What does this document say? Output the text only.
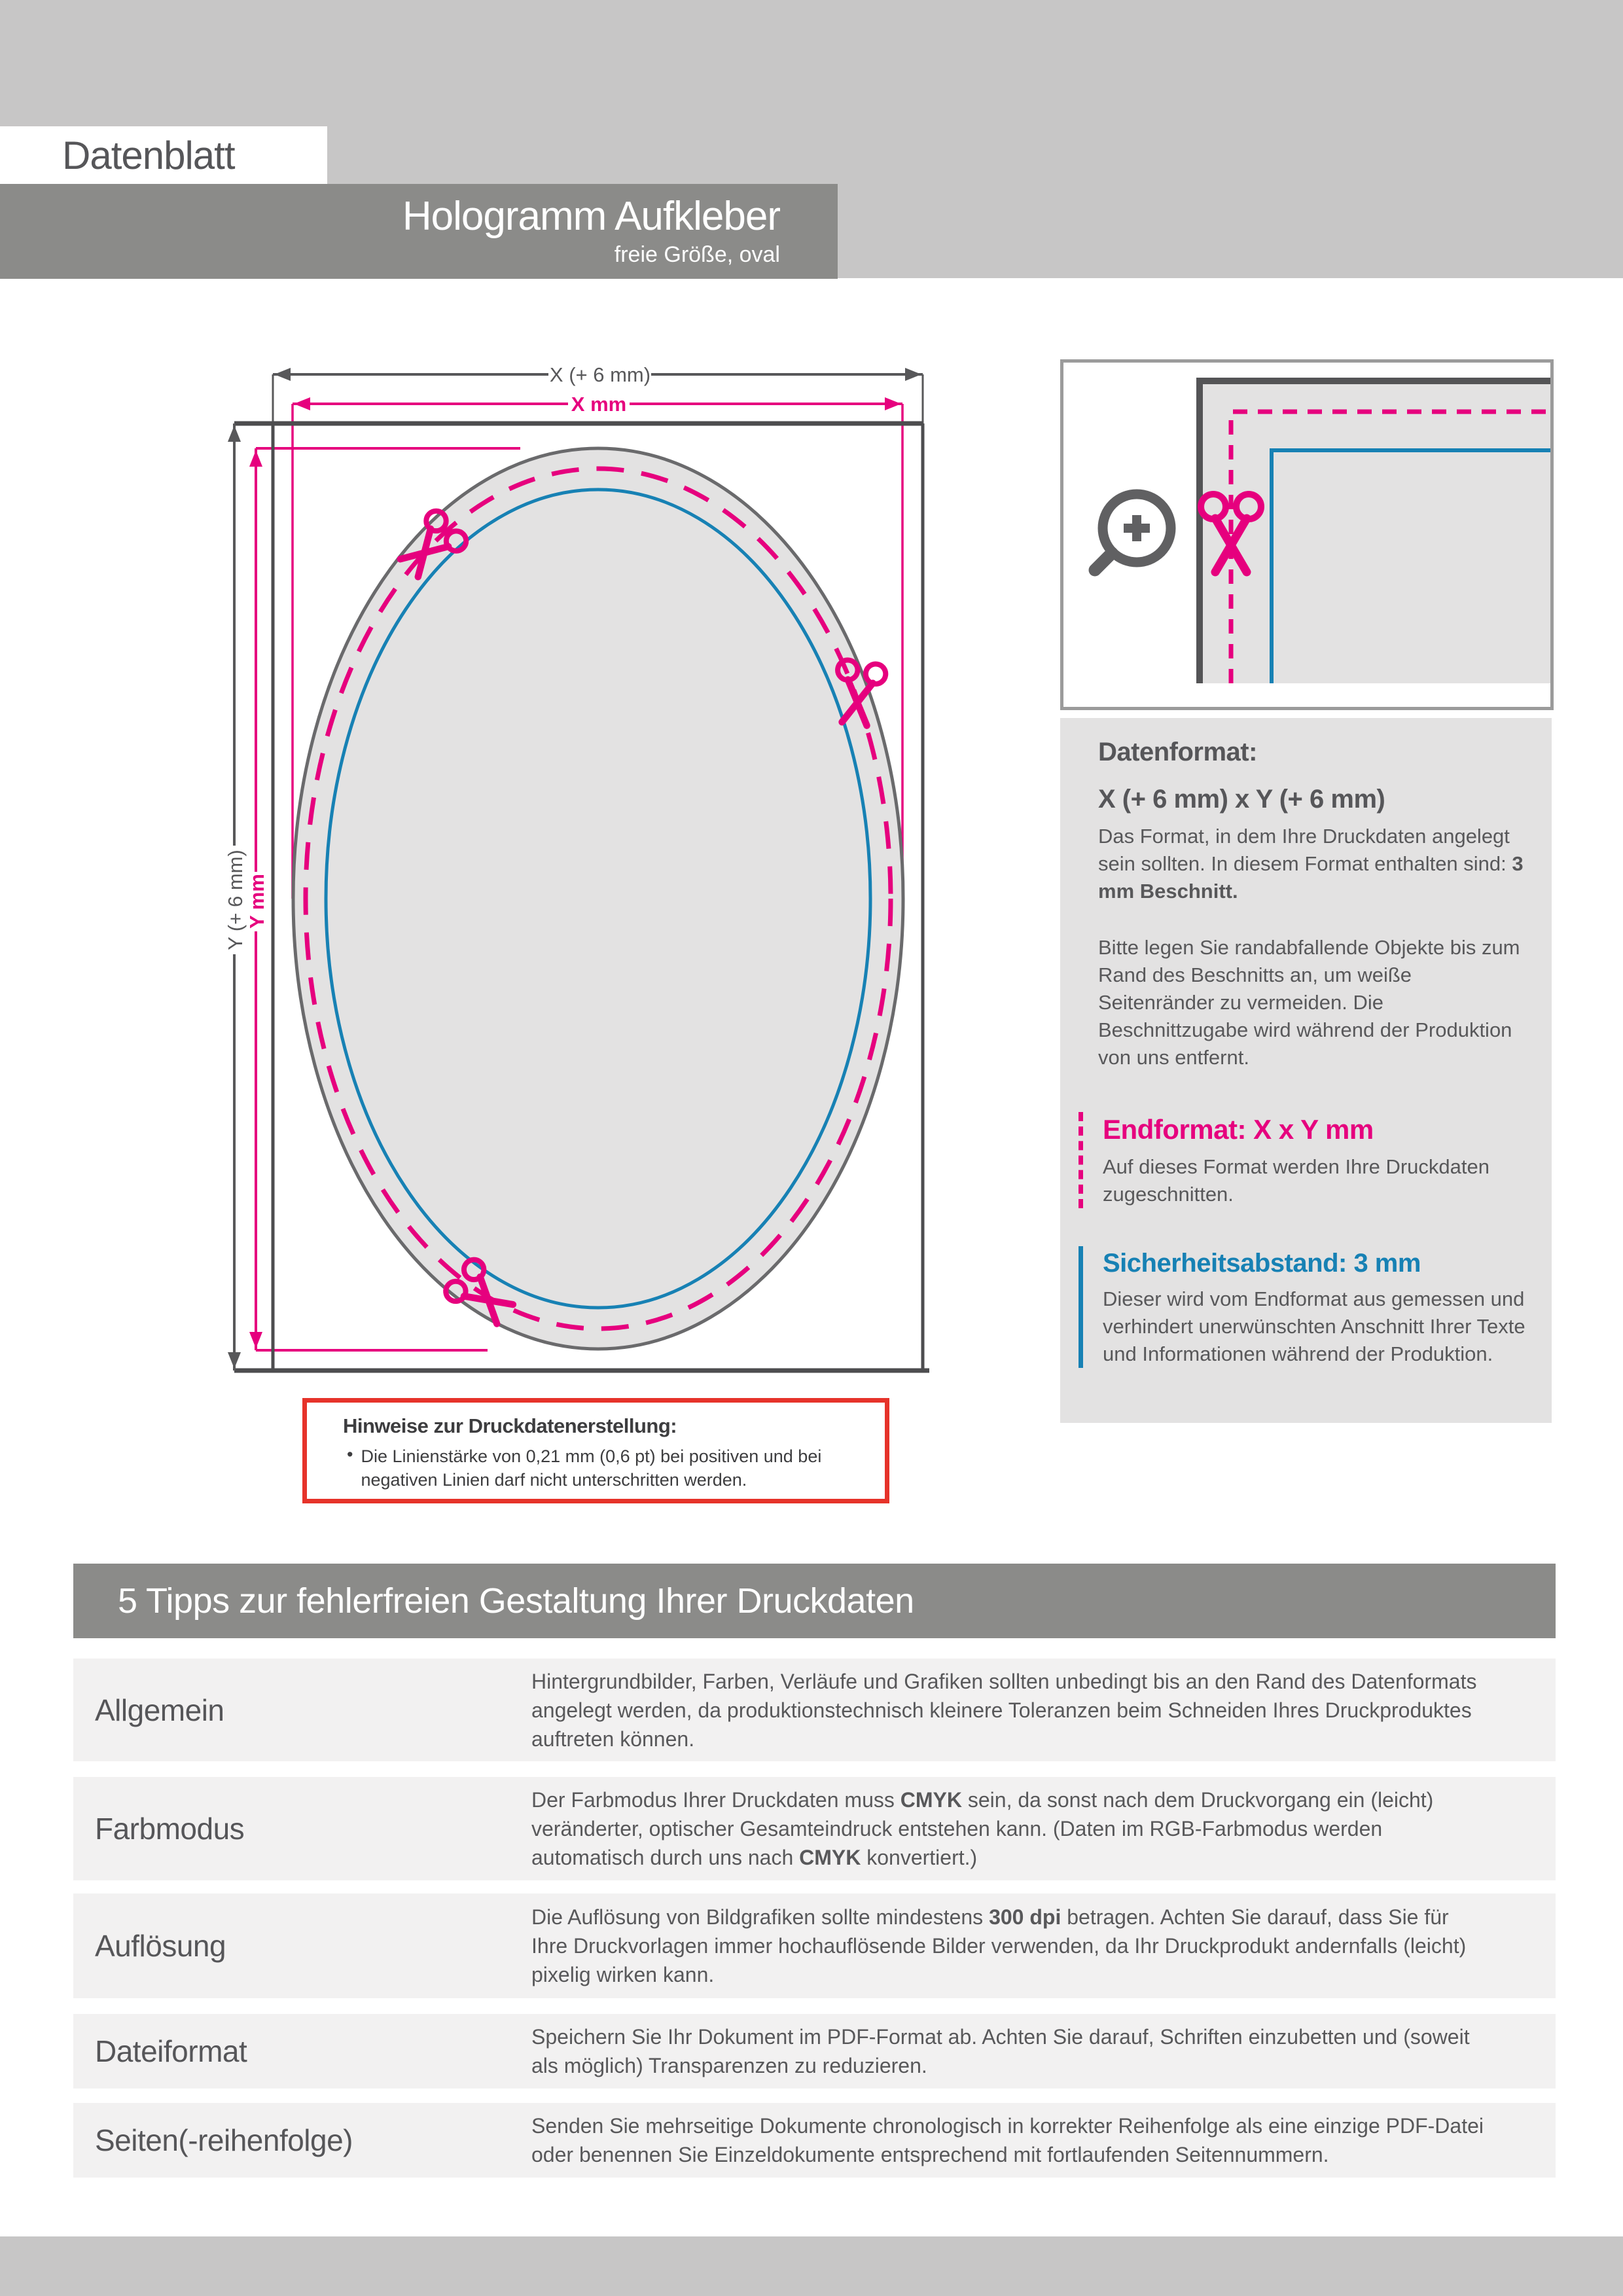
Datenblatt
Hologramm Aufkleber
freie Größe, oval
X (+ 6 mm)
X mm
Y (+ 6 mm)
Y mm
Datenformat:
X (+ 6 mm) x Y (+ 6 mm)

Das Format, in dem Ihre Druckdaten angelegt sein sollten. In diesem Format enthalten sind: 3 mm Beschnitt.

Bitte legen Sie randabfallende Objekte bis zum Rand des Beschnitts an, um weiße Seitenränder zu vermeiden. Die Beschnittzugabe wird während der Produktion von uns entfernt.

Endformat: X x Y mm

Auf dieses Format werden Ihre Druckdaten zugeschnitten.

Sicherheitsabstand: 3 mm

Dieser wird vom Endformat aus gemessen und verhindert unerwünschten Anschnitt Ihrer Texte und Informationen während der Produktion.

Hinweise zur Druckdatenerstellung:
• Die Linienstärke von 0,21 mm (0,6 pt) bei positiven und bei negativen Linien darf nicht unterschritten werden.

5 Tipps zur fehlerfreien Gestaltung Ihrer Druckdaten
Allgemein
Hintergrundbilder, Farben, Verläufe und Grafiken sollten unbedingt bis an den Rand des Datenformats angelegt werden, da produktionstechnisch kleinere Toleranzen beim Schneiden Ihres Druckproduktes auftreten können.
Farbmodus
Der Farbmodus Ihrer Druckdaten muss CMYK sein, da sonst nach dem Druckvorgang ein (leicht) veränderter, optischer Gesamteindruck entstehen kann. (Daten im RGB-Farbmodus werden automatisch durch uns nach CMYK konvertiert.)
Auflösung
Die Auflösung von Bildgrafiken sollte mindestens 300 dpi betragen. Achten Sie darauf, dass Sie für Ihre Druckvorlagen immer hochauflösende Bilder verwenden, da Ihr Druckprodukt andernfalls (leicht) pixelig wirken kann.
Dateiformat	Speichern Sie Ihr Dokument im PDF-Format ab. Achten Sie darauf, Schriften einzubetten und (soweit als möglich) Transparenzen zu reduzieren.
Seiten(-reihenfolge)	Senden Sie mehrseitige Dokumente chronologisch in korrekter Reihenfolge als eine einzige PDF-Datei oder benennen Sie Einzeldokumente entsprechend mit fortlaufenden Seitennummern.
